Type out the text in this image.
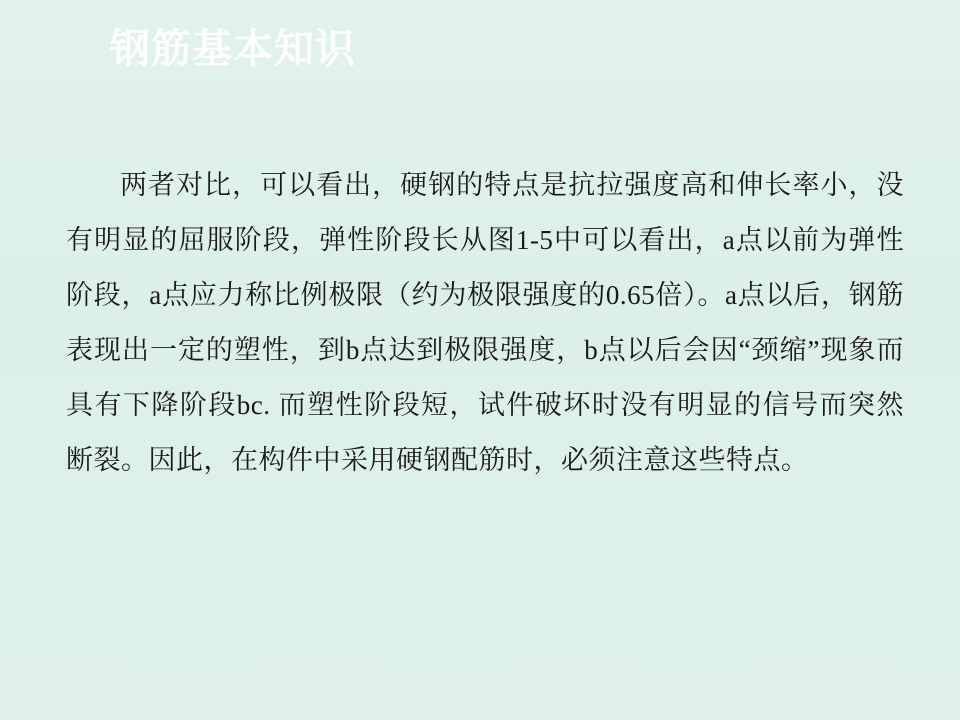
钢筋基本知识
两者对比，可以看出，硬钢的特点是抗拉强度高和伸长率小，没有明显的屈服阶段，弹性阶段长从图1-5中可以看出，a点以前为弹性阶段，a点应力称比例极限（约为极限强度的0.65倍）。a点以后，钢筋表现出一定的塑性，到b点达到极限强度，b点以后会因“颈缩”现象而具有下降阶段bc. 而塑性阶段短，试件破坏时没有明显的信号而突然断裂。因此，在构件中采用硬钢配筋时，必须注意这些特点。
